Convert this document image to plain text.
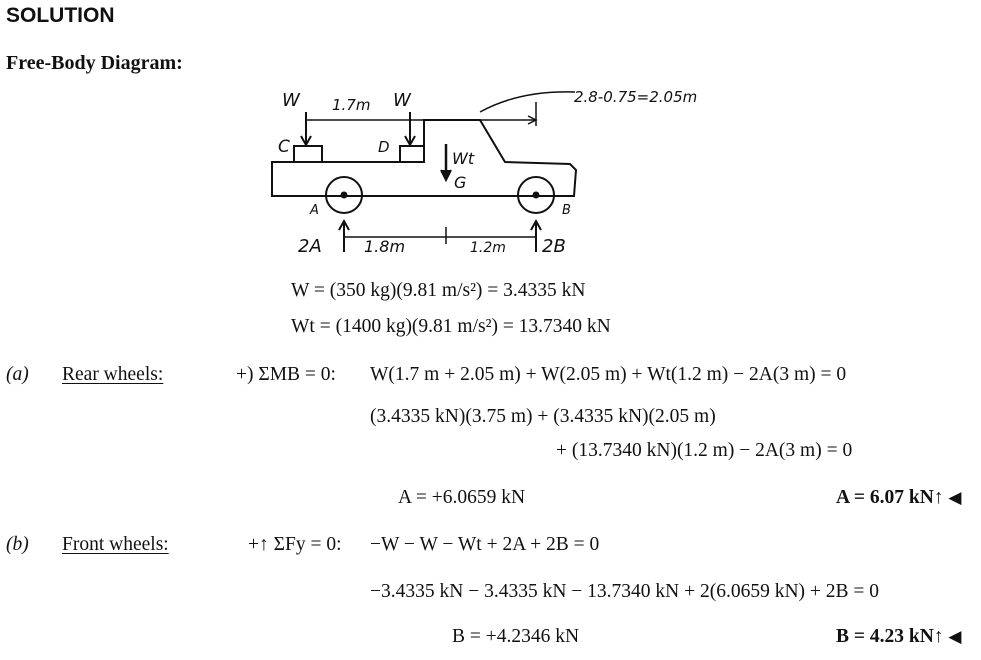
SOLUTION
Free-Body Diagram:
W 1.7m W	2.8-0.75=2.05m
C	D
Wt
G
A	B
2A	1.8m	1.2m 2B
W = (350 kg)(9.81 m/s²) = 3.4335 kN
Wt = (1400 kg)(9.81 m/s²) = 13.7340 kN
(a) Rear wheels:	+) ΣMB = 0: W(1.7 m + 2.05 m) + W(2.05 m) + Wt(1.2 m) − 2A(3 m) = 0
(3.4335 kN)(3.75 m) + (3.4335 kN)(2.05 m)
+ (13.7340 kN)(1.2 m) − 2A(3 m) = 0
A = +6.0659 kN	A = 6.07 kN↑ ◀
(b) Front wheels:	+↑ ΣFy = 0: −W − W − Wt + 2A + 2B = 0
−3.4335 kN − 3.4335 kN − 13.7340 kN + 2(6.0659 kN) + 2B = 0
B = +4.2346 kN	B = 4.23 kN↑ ◀
